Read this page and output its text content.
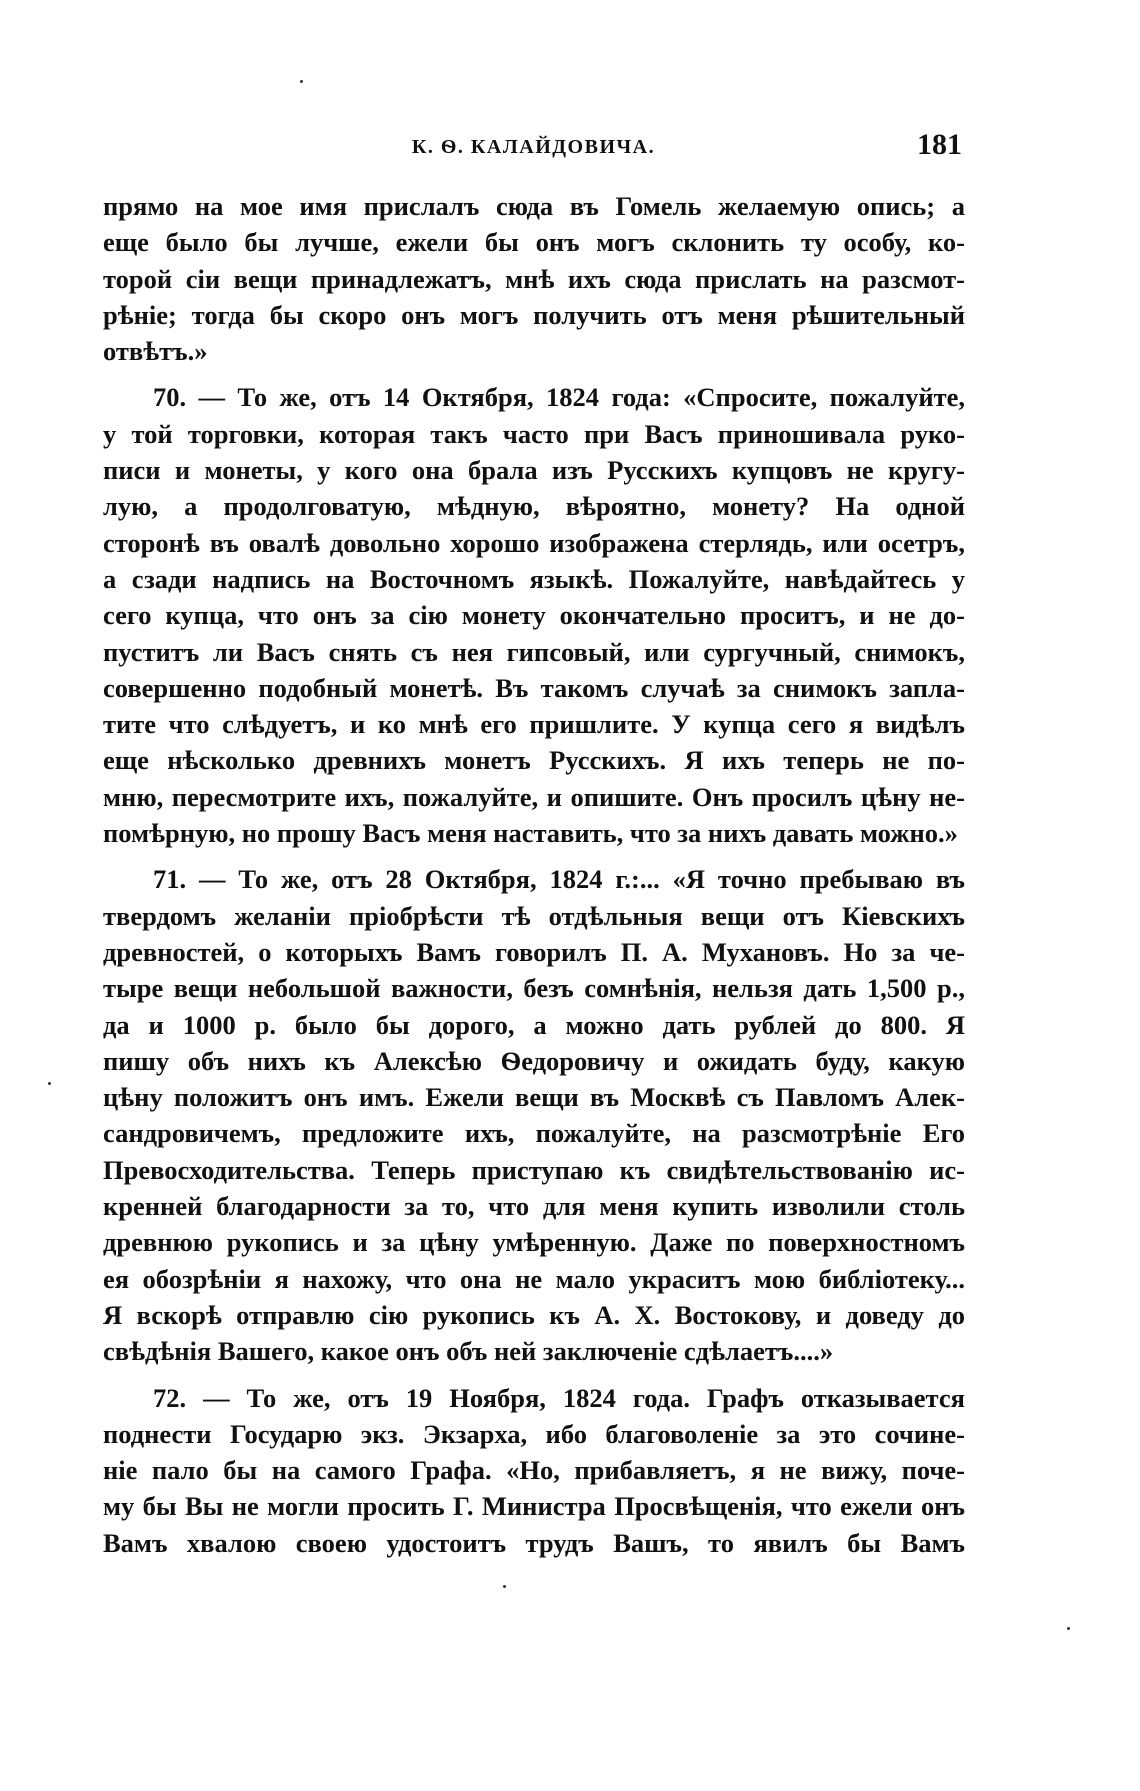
К. Ѳ. КАЛАЙДОВИЧА.	181
прямо на мое имя прислалъ сюда въ Гомель желаемую опись; а
еще было бы лучше, ежели бы онъ могъ склонить ту особу, ко-
торой сіи вещи принадлежатъ, мнѣ ихъ сюда прислать на разсмот-
рѣніе; тогда бы скоро онъ могъ получить отъ меня рѣшительный
отвѣтъ.»
70. — То же, отъ 14 Октября, 1824 года: «Спросите, пожалуйте,
у той торговки, которая такъ часто при Васъ приношивала руко-
писи и монеты, у кого она брала изъ Русскихъ купцовъ не кругу-
лую, а продолговатую, мѣдную, вѣроятно, монету? На одной
сторонѣ въ овалѣ довольно хорошо изображена стерлядь, или осетръ,
а сзади надпись на Восточномъ языкѣ. Пожалуйте, навѣдайтесь у
сего купца, что онъ за сію монету окончательно проситъ, и не до-
пуститъ ли Васъ снять съ нея гипсовый, или сургучный, снимокъ,
совершенно подобный монетѣ. Въ такомъ случаѣ за снимокъ запла-
тите что слѣдуетъ, и ко мнѣ его пришлите. У купца сего я видѣлъ
еще нѣсколько древнихъ монетъ Русскихъ. Я ихъ теперь не по-
мню, пересмотрите ихъ, пожалуйте, и опишите. Онъ просилъ цѣну не-
помѣрную, но прошу Васъ меня наставить, что за нихъ давать можно.»
71. — То же, отъ 28 Октября, 1824 г.:... «Я точно пребываю въ
твердомъ желаніи пріобрѣсти тѣ отдѣльныя вещи отъ Кіевскихъ
древностей, о которыхъ Вамъ говорилъ П. А. Мухановъ. Но за че-
тыре вещи небольшой важности, безъ сомнѣнія, нельзя дать 1,500 р.,
да и 1000 р. было бы дорого, а можно дать рублей до 800. Я
пишу объ нихъ къ Алексѣю Ѳедоровичу и ожидать буду, какую
цѣну положитъ онъ имъ. Ежели вещи въ Москвѣ съ Павломъ Алек-
сандровичемъ, предложите ихъ, пожалуйте, на разсмотрѣніе Его
Превосходительства. Теперь приступаю къ свидѣтельствованію ис-
кренней благодарности за то, что для меня купить изволили столь
древнюю рукопись и за цѣну умѣренную. Даже по поверхностномъ
ея обозрѣніи я нахожу, что она не мало украситъ мою библіотеку...
Я вскорѣ отправлю сію рукопись къ А. Х. Востокову, и доведу до
свѣдѣнія Вашего, какое онъ объ ней заключеніе сдѣлаетъ....»
72. — То же, отъ 19 Ноября, 1824 года. Графъ отказывается
поднести Государю экз. Экзарха, ибо благоволеніе за это сочине-
ніе пало бы на самого Графа. «Но, прибавляетъ, я не вижу, поче-
му бы Вы не могли просить Г. Министра Просвѣщенія, что ежели онъ
Вамъ хвалою своею удостоитъ трудъ Вашъ, то явилъ бы Вамъ
